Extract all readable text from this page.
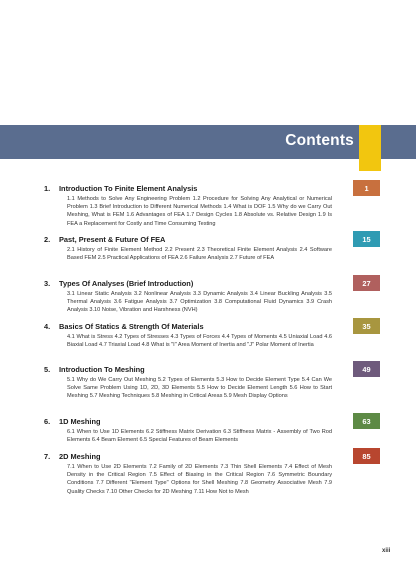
Contents
1. Introduction To Finite Element Analysis
1.1 Methods to Solve Any Engineering Problem 1.2 Procedure for Solving Any Analytical or Numerical Problem 1.3 Brief Introduction to Different Numerical Methods 1.4 What is DOF 1.5 Why do we Carry Out Meshing, What is FEM 1.6 Advantages of FEA 1.7 Design Cycles 1.8 Absolute vs. Relative Design 1.9 Is FEA a Replacement for Costly and Time Consuming Testing
1
2. Past, Present & Future Of FEA
2.1 History of Finite Element Method 2.2 Present 2.3 Theoretical Finite Element Analysis 2.4 Software Based FEM 2.5 Practical Applications of FEA 2.6 Failure Analysis 2.7 Future of FEA
15
3. Types Of Analyses (Brief Introduction)
3.1 Linear Static Analysis 3.2 Nonlinear Analysis 3.3 Dynamic Analysis 3.4 Linear Buckling Analysis 3.5 Thermal Analysis 3.6 Fatigue Analysis 3.7 Optimization 3.8 Computational Fluid Dynamics 3.9 Crash Analysis 3.10 Noise, Vibration and Harshness (NVH)
27
4. Basics Of Statics & Strength Of Materials
4.1 What is Stress 4.2 Types of Stresses 4.3 Types of Forces 4.4 Types of Moments 4.5 Uniaxial Load 4.6 Biaxial Load 4.7 Triaxial Load 4.8 What is "I" Area Moment of Inertia and "J" Polar Moment of Inertia
35
5. Introduction To Meshing
5.1 Why do We Carry Out Meshing 5.2 Types of Elements 5.3 How to Decide Element Type 5.4 Can We Solve Same Problem Using 1D, 2D, 3D Elements 5.5 How to Decide Element Length 5.6 How to Start Meshing 5.7 Meshing Techniques 5.8 Meshing in Critical Areas 5.9 Mesh Display Options
49
6. 1D Meshing
6.1 When to Use 1D Elements 6.2 Stiffness Matrix Derivation 6.3 Stiffness Matrix - Assembly of Two Rod Elements 6.4 Beam Element 6.5 Special Features of Beam Elements
63
7. 2D Meshing
7.1 When to Use 2D Elements 7.2 Family of 2D Elements 7.3 Thin Shell Elements 7.4 Effect of Mesh Density in the Critical Region 7.5 Effect of Biasing in the Critical Region 7.6 Symmetric Boundary Conditions 7.7 Different "Element Type" Options for Shell Meshing 7.8 Geometry Associative Mesh 7.9 Quality Checks 7.10 Other Checks for 2D Meshing 7.11 How Not to Mesh
85
xiii
